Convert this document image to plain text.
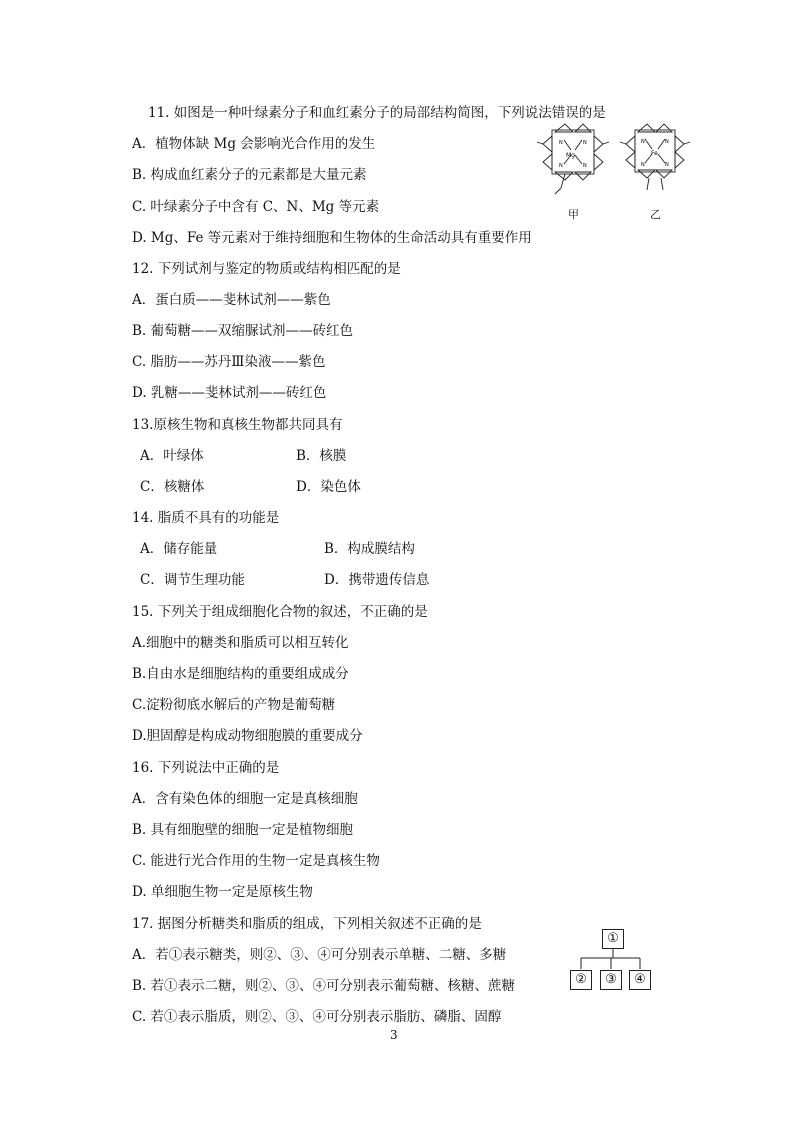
11. 如图是一种叶绿素分子和血红素分子的局部结构简图，下列说法错误的是
A．植物体缺 Mg 会影响光合作用的发生
B. 构成血红素分子的元素都是大量元素
C. 叶绿素分子中含有 C、N、Mg 等元素
D. Mg、Fe 等元素对于维持细胞和生物体的生命活动具有重要作用
Mg
N	N
N	N
Fe
N	N
N	N
甲	乙
12. 下列试剂与鉴定的物质或结构相匹配的是
A．蛋白质——斐林试剂——紫色
B. 葡萄糖——双缩脲试剂——砖红色
C. 脂肪——苏丹Ⅲ染液——紫色
D. 乳糖——斐林试剂——砖红色
13.原核生物和真核生物都共同具有
A．叶绿体	B．核膜
C．核糖体	D．染色体
14. 脂质不具有的功能是
A．储存能量	B．构成膜结构
C．调节生理功能	D．携带遗传信息
15. 下列关于组成细胞化合物的叙述，不正确的是
A.细胞中的糖类和脂质可以相互转化
B.自由水是细胞结构的重要组成成分
C.淀粉彻底水解后的产物是葡萄糖
D.胆固醇是构成动物细胞膜的重要成分
16. 下列说法中正确的是
A．含有染色体的细胞一定是真核细胞
B. 具有细胞壁的细胞一定是植物细胞
C. 能进行光合作用的生物一定是真核生物
D. 单细胞生物一定是原核生物
17. 据图分析糖类和脂质的组成，下列相关叙述不正确的是
A．若①表示糖类，则②、③、④可分别表示单糖、二糖、多糖
B. 若①表示二糖，则②、③、④可分别表示葡萄糖、核糖、蔗糖
C. 若①表示脂质，则②、③、④可分别表示脂肪、磷脂、固醇
①
②	③	④
3
